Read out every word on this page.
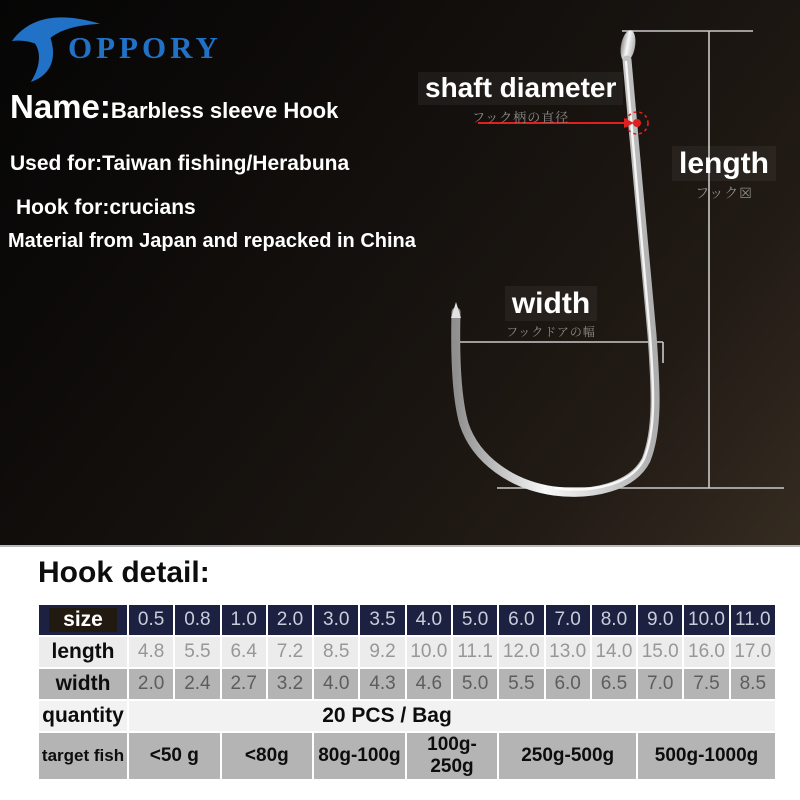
OPPORY
Name:Barbless sleeve Hook
Used for:Taiwan fishing/Herabuna
Hook for:crucians
Material from Japan and repacked in China
shaft diameter
フック柄の直径
length
フック☒
width
フックドアの幅
Hook detail:
size	0.5	0.8	1.0	2.0	3.0	3.5	4.0	5.0	6.0	7.0	8.0	9.0	10.0	11.0
length	4.8	5.5	6.4	7.2	8.5	9.2	10.0	11.1	12.0	13.0	14.0	15.0	16.0	17.0
width	2.0	2.4	2.7	3.2	4.0	4.3	4.6	5.0	5.5	6.0	6.5	7.0	7.5	8.5
quantity	20 PCS / Bag													
target fish	<50 g		<80g		80g-100g		100g-250g		250g-500g			500g-1000g		
